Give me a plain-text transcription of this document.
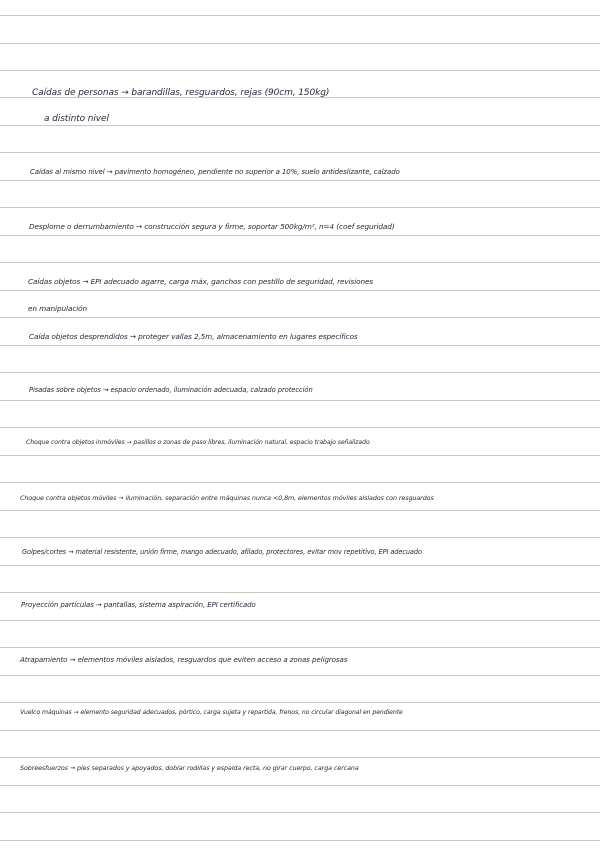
Caídas de personas → barandillas, resguardos, rejas (90cm, 150kg)
a distinto nivel
Caídas al mismo nivel → pavimento homogéneo, pendiente no superior a 10%, suelo antideslizante, calzado
Desplome o derrumbamiento → construcción segura y firme, soportar 500kg/m², n=4 (coef seguridad)
Caídas objetos → EPI adecuado agarre, carga máx, ganchos con pestillo de seguridad, revisiones
en manipulación
Caída objetos desprendidos → proteger vallas 2,5m, almacenamiento en lugares específicos
Pisadas sobre objetos → espacio ordenado, iluminación adecuada, calzado protección
Choque contra objetos inmóviles → pasillos o zonas de paso libres, iluminación natural, espacio trabajo señalizado
Choque contra objetos móviles → iluminación, separación entre máquinas nunca <0,8m, elementos móviles aislados con resguardos
Golpes/cortes → material resistente, unión firme, mango adecuado, afilado, protectores, evitar mov repetitivo, EPI adecuado
Proyección partículas → pantallas, sistema aspiración, EPI certificado
Atrapamiento → elementos móviles aislados, resguardos que eviten acceso a zonas peligrosas
Vuelco máquinas → elemento seguridad adecuados, pórtico, carga sujeta y repartida, frenos, no circular diagonal en pendiente
Sobreesfuerzos → pies separados y apoyados, doblar rodillas y espalda recta, no girar cuerpo, carga cercana
